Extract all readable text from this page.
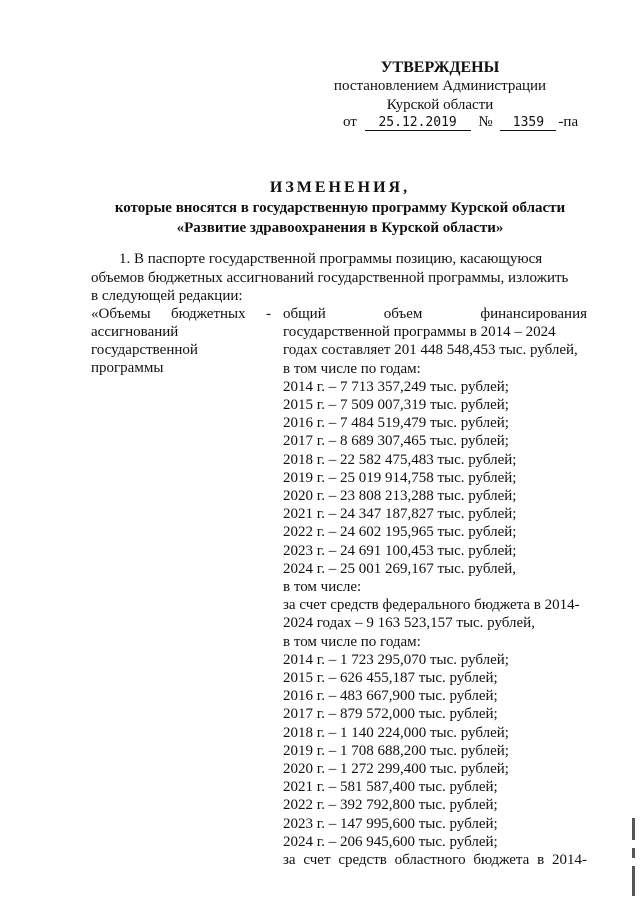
УТВЕРЖДЕНЫ
постановлением Администрации
Курской области
от 25.12.2019 № 1359 -па
ИЗМЕНЕНИЯ,
которые вносятся в государственную программу Курской области
«Развитие здравоохранения в Курской области»
1. В паспорте государственной программы позицию, касающуюся
объемов бюджетных ассигнований государственной программы, изложить
в следующей редакции:
«Объемы бюджетных -
ассигнований
государственной
программы
общий	объем	финансирования
государственной программы в 2014 – 2024
годах составляет 201 448 548,453 тыс. рублей,
в том числе по годам:
2014 г. – 7 713 357,249 тыс. рублей;
2015 г. – 7 509 007,319 тыс. рублей;
2016 г. – 7 484 519,479 тыс. рублей;
2017 г. – 8 689 307,465 тыс. рублей;
2018 г. – 22 582 475,483 тыс. рублей;
2019 г. – 25 019 914,758 тыс. рублей;
2020 г. – 23 808 213,288 тыс. рублей;
2021 г. – 24 347 187,827 тыс. рублей;
2022 г. – 24 602 195,965 тыс. рублей;
2023 г. – 24 691 100,453 тыс. рублей;
2024 г. – 25 001 269,167 тыс. рублей,
в том числе:
за счет средств федерального бюджета в 2014-
2024 годах – 9 163 523,157 тыс. рублей,
в том числе по годам:
2014 г. – 1 723 295,070 тыс. рублей;
2015 г. – 626 455,187 тыс. рублей;
2016 г. – 483 667,900 тыс. рублей;
2017 г. – 879 572,000 тыс. рублей;
2018 г. – 1 140 224,000 тыс. рублей;
2019 г. – 1 708 688,200 тыс. рублей;
2020 г. – 1 272 299,400 тыс. рублей;
2021 г. – 581 587,400 тыс. рублей;
2022 г. – 392 792,800 тыс. рублей;
2023 г. – 147 995,600 тыс. рублей;
2024 г. – 206 945,600 тыс. рублей;
за счет средств областного бюджета в 2014-
